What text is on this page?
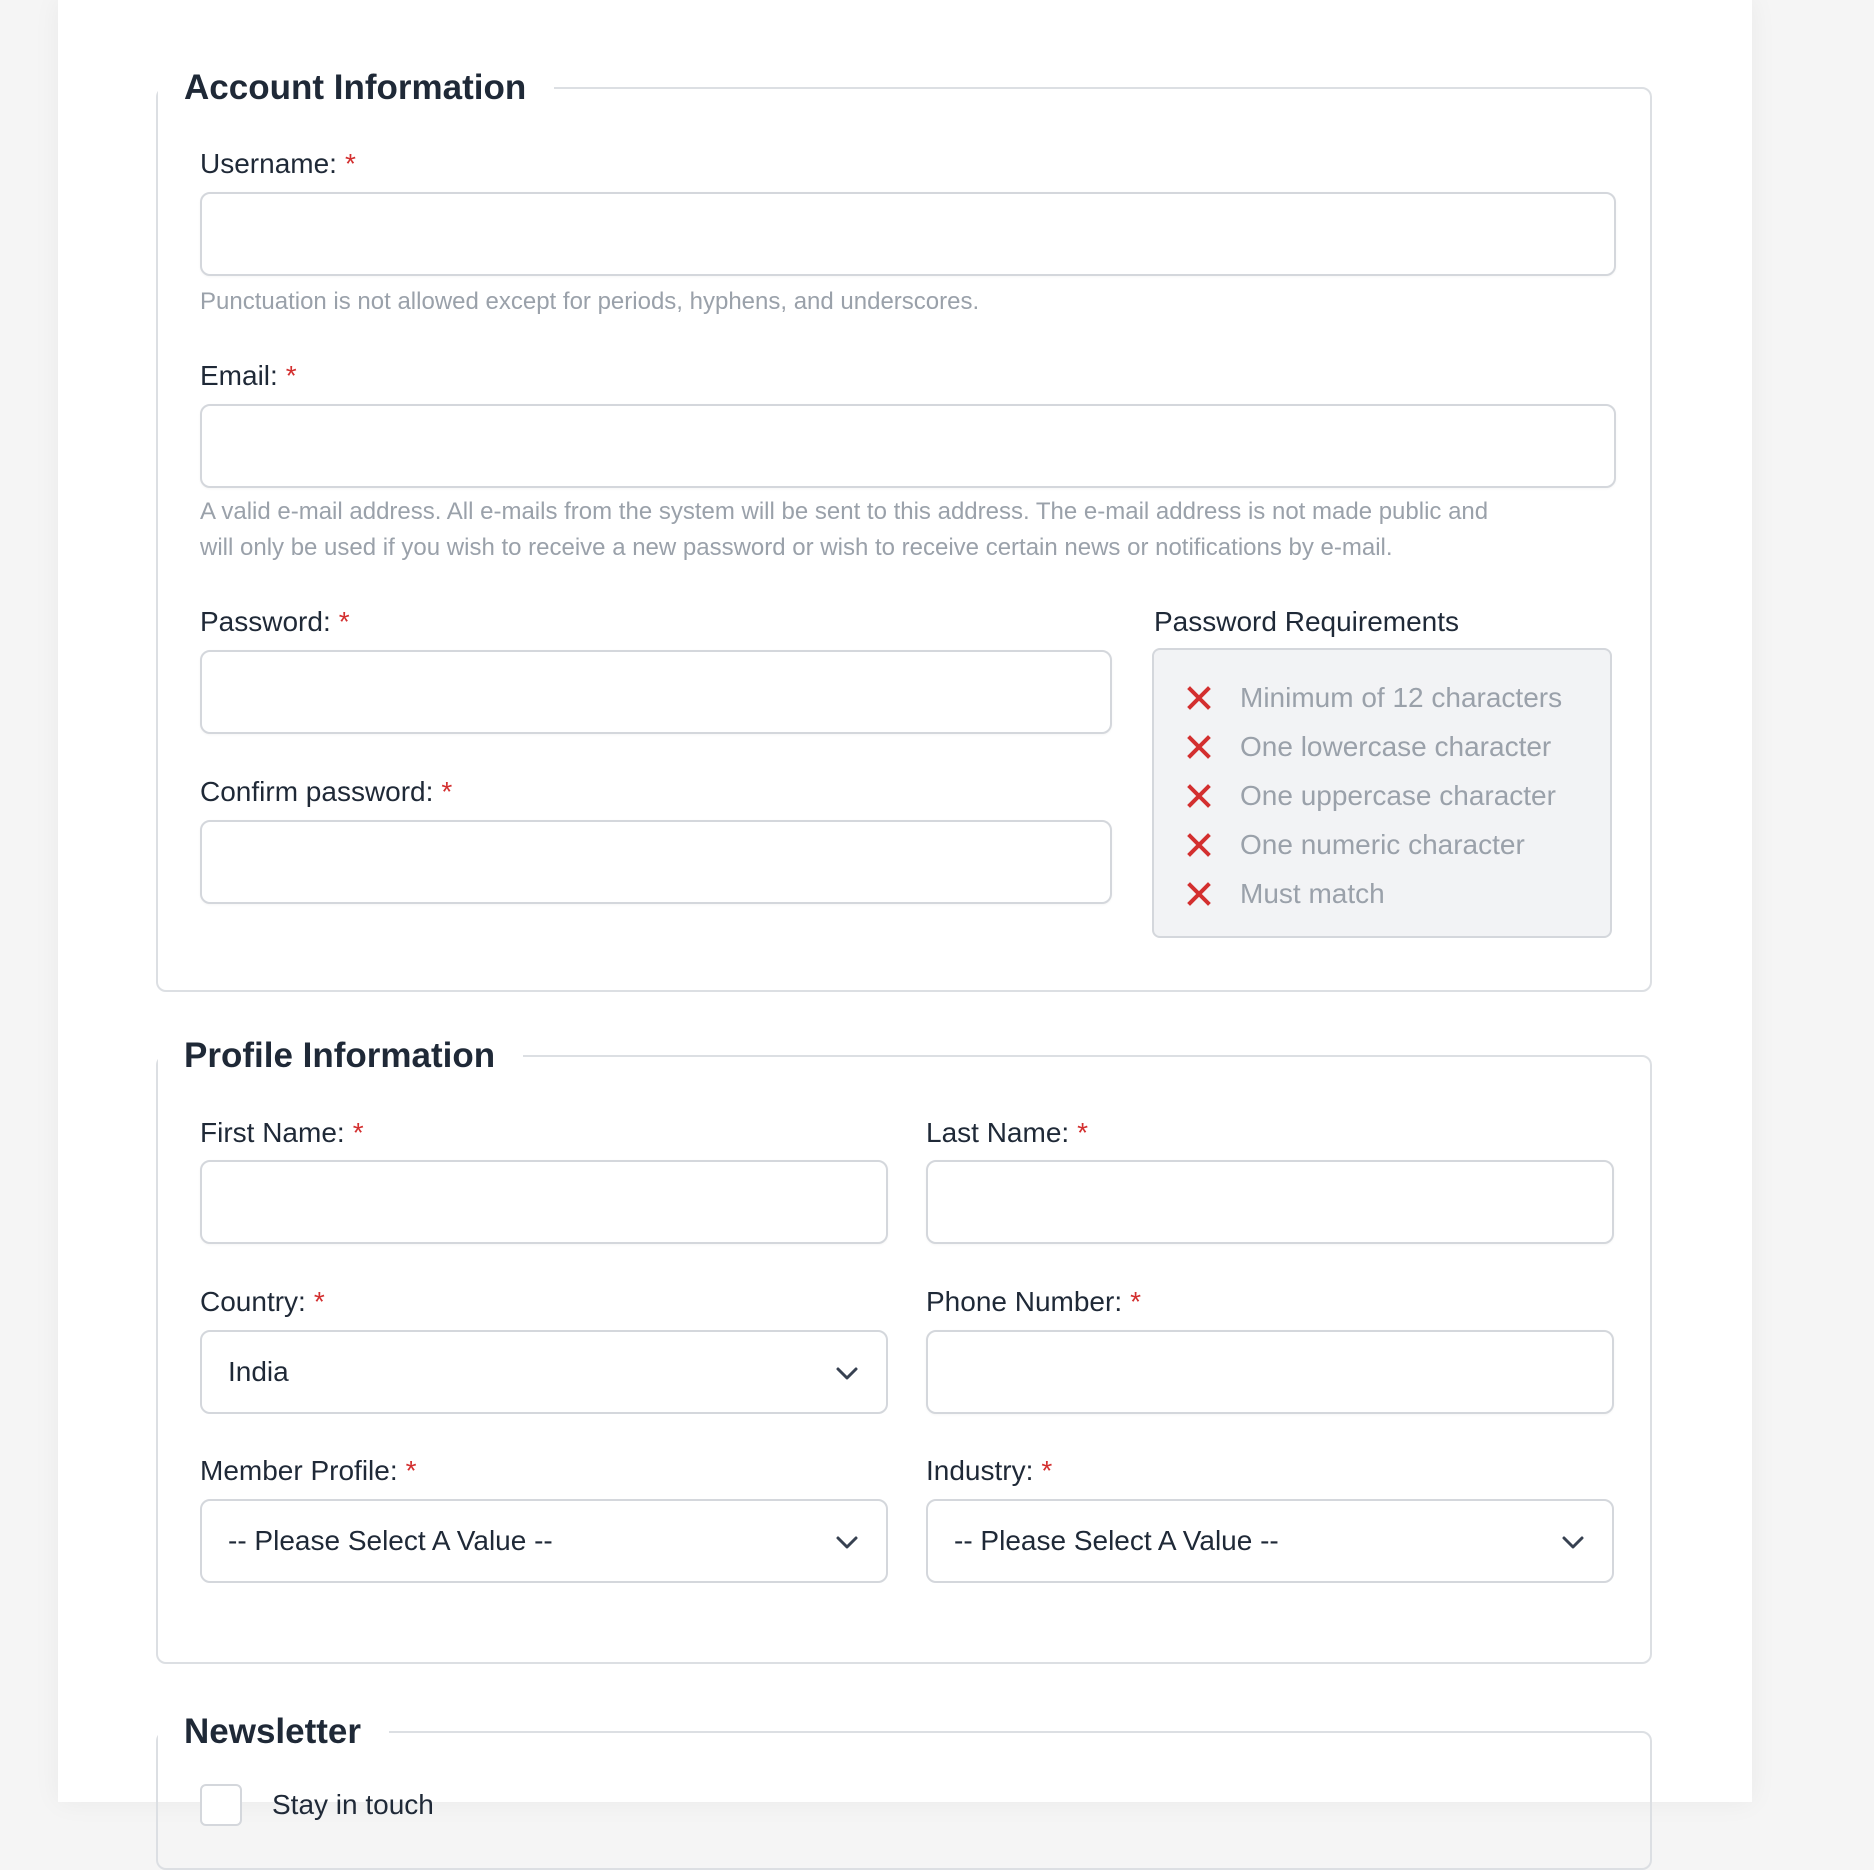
Account Information
Username: *
Punctuation is not allowed except for periods, hyphens, and underscores.
Email: *
A valid e-mail address. All e-mails from the system will be sent to this address. The e-mail address is not made public and
will only be used if you wish to receive a new password or wish to receive certain news or notifications by e-mail.
Password: *
Confirm password: *
Password Requirements
Minimum of 12 characters
One lowercase character
One uppercase character
One numeric character
Must match
Profile Information
First Name: *	Last Name: *
Country: *
India
Phone Number: *
Member Profile: *
-- Please Select A Value --
Industry: *
-- Please Select A Value --
Newsletter
Stay in touch
